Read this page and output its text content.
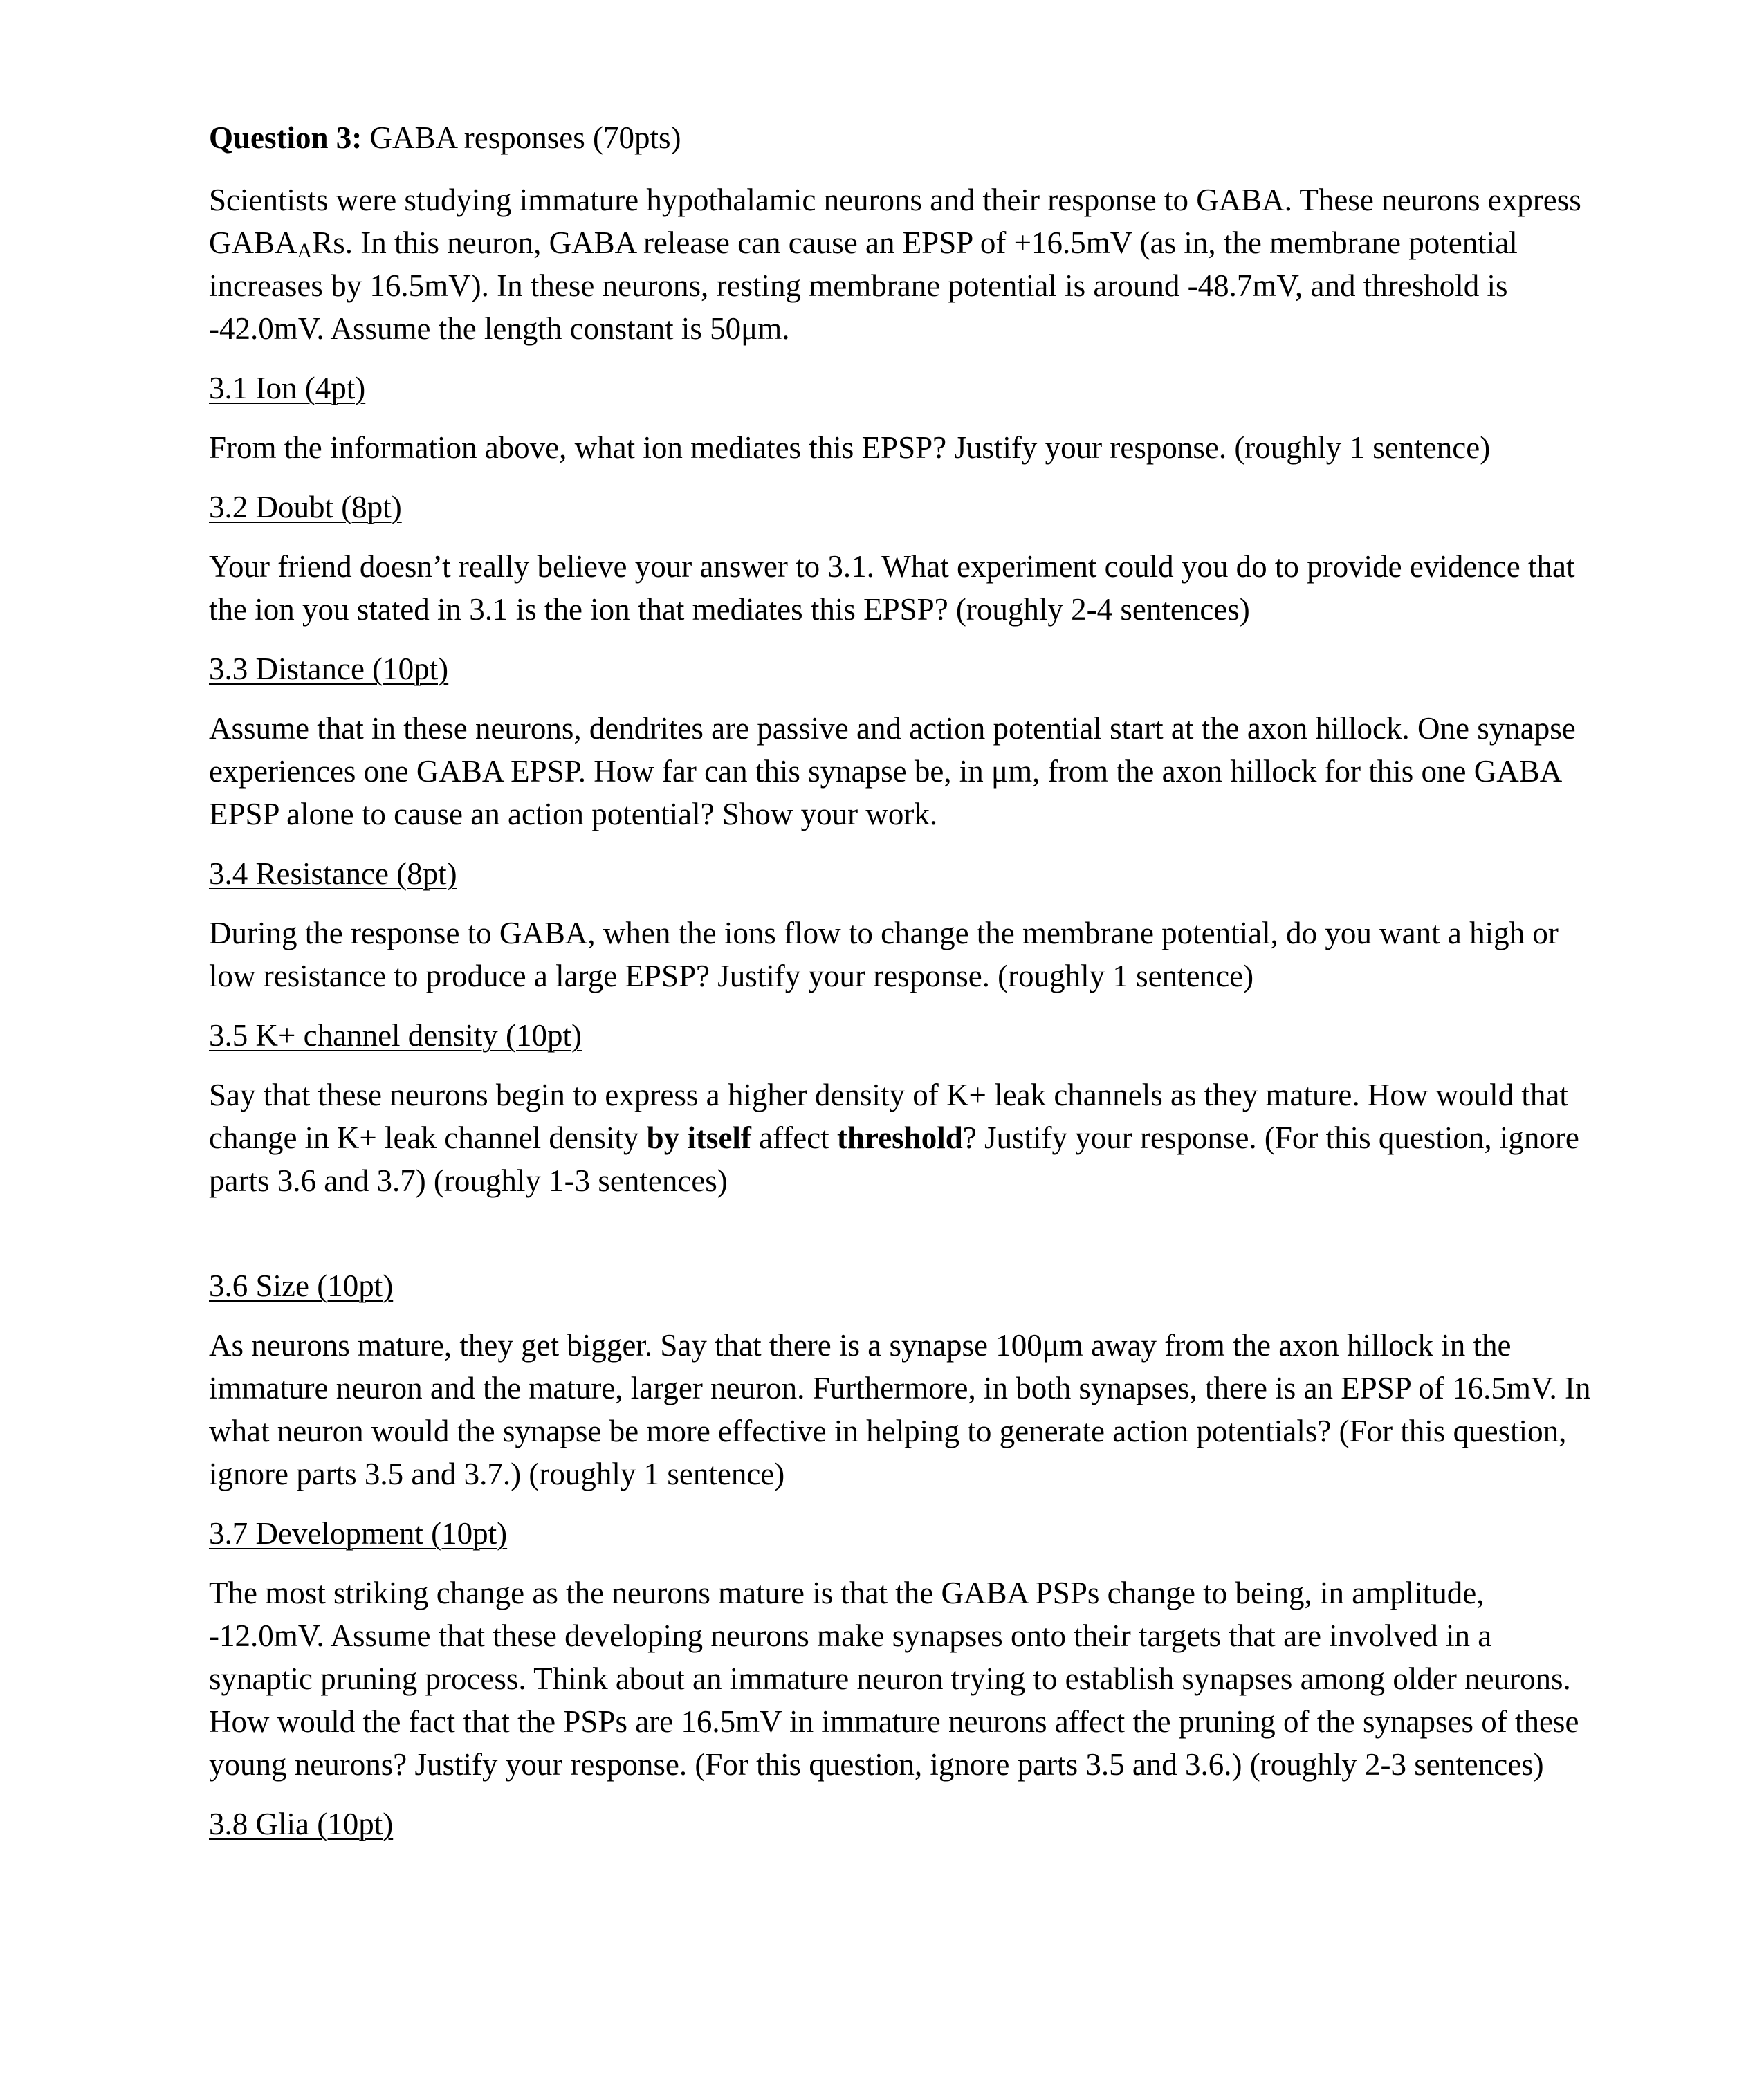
Question 3: GABA responses (70pts)

Scientists were studying immature hypothalamic neurons and their response to GABA. These neurons express $GABA_ARs$. In this neuron, GABA release can cause an EPSP of +16.5mV (as in, the membrane potential increases by 16.5mV). In these neurons, resting membrane potential is around -48.7mV, and threshold is -42.0mV. Assume the length constant is 50μm.

3.1 Ion (4pt)

From the information above, what ion mediates this EPSP? Justify your response. (roughly 1 sentence)

3.2 Doubt (8pt)

Your friend doesn’t really believe your answer to 3.1. What experiment could you do to provide evidence that the ion you stated in 3.1 is the ion that mediates this EPSP? (roughly 2-4 sentences)

3.3 Distance (10pt)

Assume that in these neurons, dendrites are passive and action potential start at the axon hillock. One synapse experiences one GABA EPSP. How far can this synapse be, in μm, from the axon hillock for this one GABA EPSP alone to cause an action potential? Show your work.

3.4 Resistance (8pt)

During the response to GABA, when the ions flow to change the membrane potential, do you want a high or low resistance to produce a large EPSP? Justify your response. (roughly 1 sentence)

3.5 K+ channel density (10pt)

Say that these neurons begin to express a higher density of K+ leak channels as they mature. How would that change in K+ leak channel density by itself affect threshold? Justify your response. (For this question, ignore parts 3.6 and 3.7) (roughly 1-3 sentences)

3.6 Size (10pt)

As neurons mature, they get bigger. Say that there is a synapse 100μm away from the axon hillock in the immature neuron and the mature, larger neuron. Furthermore, in both synapses, there is an EPSP of 16.5mV. In what neuron would the synapse be more effective in helping to generate action potentials? (For this question, ignore parts 3.5 and 3.7.) (roughly 1 sentence)

3.7 Development (10pt)

The most striking change as the neurons mature is that the GABA PSPs change to being, in amplitude, -12.0mV. Assume that these developing neurons make synapses onto their targets that are involved in a synaptic pruning process. Think about an immature neuron trying to establish synapses among older neurons. How would the fact that the PSPs are 16.5mV in immature neurons affect the pruning of the synapses of these young neurons? Justify your response. (For this question, ignore parts 3.5 and 3.6.) (roughly 2-3 sentences)

3.8 Glia (10pt)
